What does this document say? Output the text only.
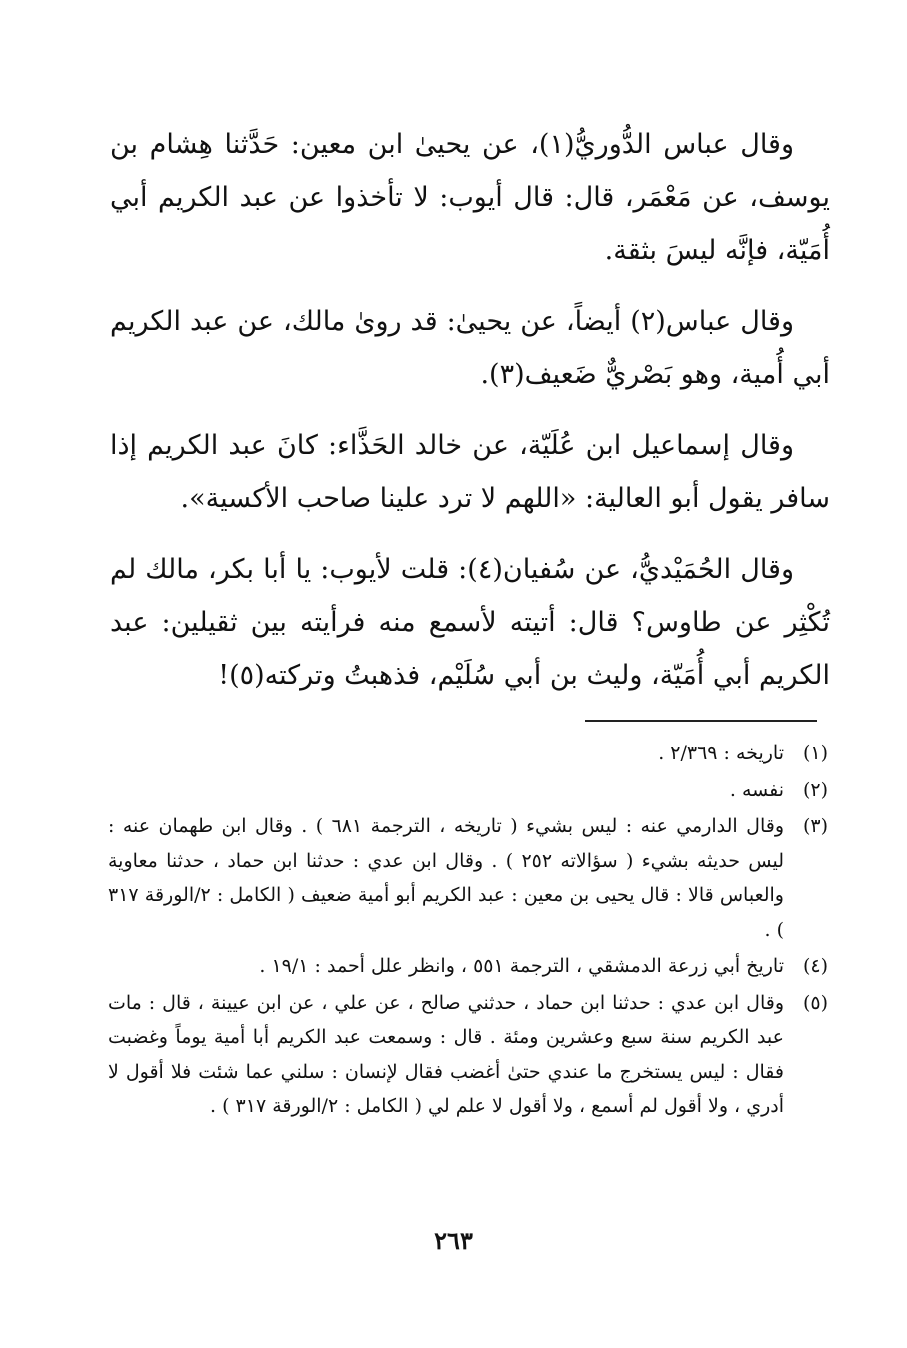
وقال عباس الدُّوريُّ(١)، عن يحيىٰ ابن معين: حَدَّثنا هِشام بن يوسف، عن مَعْمَر، قال: قال أيوب: لا تأخذوا عن عبد الكريم أبي أُمَيّة، فإنَّه ليسَ بثقة.

وقال عباس(٢) أيضاً، عن يحيىٰ: قد روىٰ مالك، عن عبد الكريم أبي أُمية، وهو بَصْريٌّ ضَعيف(٣).

وقال إسماعيل ابن عُلَيّة، عن خالد الحَذَّاء: كانَ عبد الكريم إذا سافر يقول أبو العالية: «اللهم لا ترد علينا صاحب الأكسية».

وقال الحُمَيْديُّ، عن سُفيان(٤): قلت لأيوب: يا أبا بكر، مالك لم تُكْثِر عن طاوس؟ قال: أتيته لأسمع منه فرأيته بين ثقيلين: عبد الكريم أبي أُمَيّة، وليث بن أبي سُلَيْم، فذهبتُ وتركته(٥)!

(١)
تاريخه : ٢/٣٦٩ .
(٢)
نفسه .
(٣)
وقال الدارمي عنه : ليس بشيء ( تاريخه ، الترجمة ٦٨١ ) . وقال ابن طهمان عنه : ليس حديثه بشيء ( سؤالاته ٢٥٢ ) . وقال ابن عدي : حدثنا ابن حماد ، حدثنا معاوية والعباس قالا : قال يحيى بن معين : عبد الكريم أبو أمية ضعيف ( الكامل : ٢/الورقة ٣١٧ ) .
(٤)
تاريخ أبي زرعة الدمشقي ، الترجمة ٥٥١ ، وانظر علل أحمد : ١٩/١ .
(٥)
وقال ابن عدي : حدثنا ابن حماد ، حدثني صالح ، عن علي ، عن ابن عيينة ، قال : مات عبد الكريم سنة سبع وعشرين ومئة . قال : وسمعت عبد الكريم أبا أمية يوماً وغضبت فقال : ليس يستخرج ما عندي حتىٰ أغضب فقال لإنسان : سلني عما شئت فلا أقول لا أدري ، ولا أقول لم أسمع ، ولا أقول لا علم لي ( الكامل : ٢/الورقة ٣١٧ ) .
٢٦٣
